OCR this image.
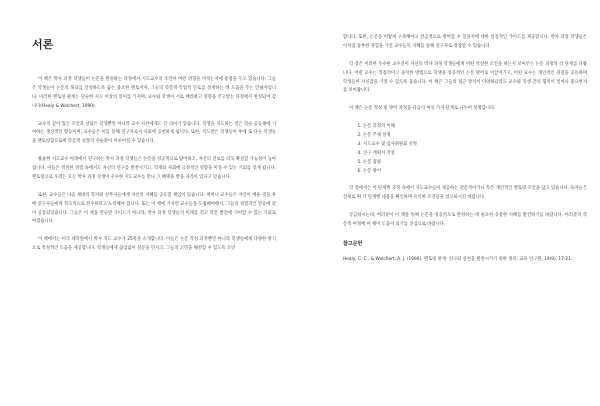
서론

이 책은 박사 과정 학생들이 논문을 완성하는 과정에서 지도교수의 조언이 어떤 영향을 미치는지에 중점을 두고 있습니다. 그들은 학생들이 논문의 목표를 달성하도록 돕는 중요한 멘토이자, 그들의 학문적·직업적 진로를 설계하는 데 도움을 주는 안내자입니다. 이러한 멘토링 관계는 단순한 지도 이상의 의미를 가지며, 교수와 학생이 서로 배려하고 영향을 주고받는 과정에서 완성되어 갑니다(Healy & Welchert, 1990).

교수의 깊이 있는 조언과 상담은 학생뿐만 아니라 교수 자신에게도 큰 의미가 있습니다. 학생을 지도하는 것은 학술 공동체에 기여하는 생산적인 활동이며, 교수들은 이를 통해 연구자로서 사회에 공헌하게 됩니다. 또한, 지도받은 학생들이 후에 또 다른 학생들을 멘토링함으로써 학문적 성장의 선순환이 이루어질 수 있습니다.

훌륭한 지도교수 아래에서 연구하는 박사 과정 학생들은 논문을 성공적으로 탐어하고, 자신의 진로를 더욱 확실할 가능성이 높아집니다. 이들은 적절한 경험 속에서도 자신의 연구를 발전시키고, 학계와 사회에 긍정적인 영향을 미칠 수 있는 기회를 얻게 됩니다. 멘토링으로 우려는 모든 박사 과정 학생이 우수한 지도교수를 만나 그 혜택을 받을 자격이 있다고 믿습니다.

또한, 교수들은 다음 세대의 학자와 실무자들에게 자신의 지혜를 공유할 책임이 있습니다. 책머니 교수들은 자신이 배운 것을 후배 연구자들에게 적극적으로 전수하려고 노력해야 합니다. 또는 이 책에 가지런 교수들을 도접해야해서, 그들의 경험과인 반응에 같이 공통되었습니다. 그들은 이 책을 만들면 가이드가 아니라, 박사 과정 학생들의 미래를 길고 학문 발전에 기여할 수 있는 기회로 여겼습니다.

이 책에서는 미국 대학원에서 박사 지도 교수가 25명을 소개합니다. 이들은 논문 작성 과정뿐만 아니라 학생들에게 다양한 방식으로 적절적인 도움을 제공합니다. 학생들에게 끊임없이 질문을 던지고, 그들의 고민을 해결할 수 있도록 조언

합니다. 또한, 논문을 어떻게 구축해야고 전공적으로 방어할 수 있을지에 대한 실질적인 가이드를 제공합니다. 박사 과정 학생들은 이처럼 풍부한 경험을 가진 교수들의 지혜를 통해 연구자로 성장할 수 있습니다.

각 장은 이러한 우수한 교수진이 자신의 박사 과정 학생들에게 어떤 적절한 조언을 하는지 보여주는 논문 과정의 각 단계를 다룹니다. 어떤 교수는 직접적이고 솔직한 방법으로 학생을 성공적인 논문 방어로 이끌어가고, 어떤 교수는 개인적인 경험을 공유하며 학생들이 자신감을 가질 수 있도록 돕습니다. 이 책은 그들의 접근 방식이 다양하더라도 교수와 학생 간의 협력이 얼마나 중요한지를 보여줍니다.

이 책은 논문 작성 및 방어 과정을 다음의 여섯 가지 단계로 나누어 설명합니다.

1. 논문 과정의 이해
2. 논문 주제 선정
3. 지도교수 및 심사위원회 선정
4. 연구 계획서 작성
5. 논문 집필
6. 논문 방어

각 장에서는 이 단계별 과정 속에서 지도교수들이 제공하는 전문적이거나 특은 개인적인 멘토링 조언을 담고 있습니다. 독자들은 실제로 뛰 각 단계별 내용을 확인하며 유익한 조언들을 참고하시길 바랍니다.

궁금하시는데, 여러분이 이 책을 통해 논문을 성공적으로 완성하는 데 필요한 유용한 지혜를 발견하기를 바랍니다. 여러분의 학문적 여정에 이 책이 도움이 되기를 진심으로 바랍니다.

참고문헌

Healy, C. C., & Welchert, A. J. (1990). 멘토링 관계: 연구와 실천을 발전시키기 위한 정의. 교육 연구원, 19(9), 17-21.
